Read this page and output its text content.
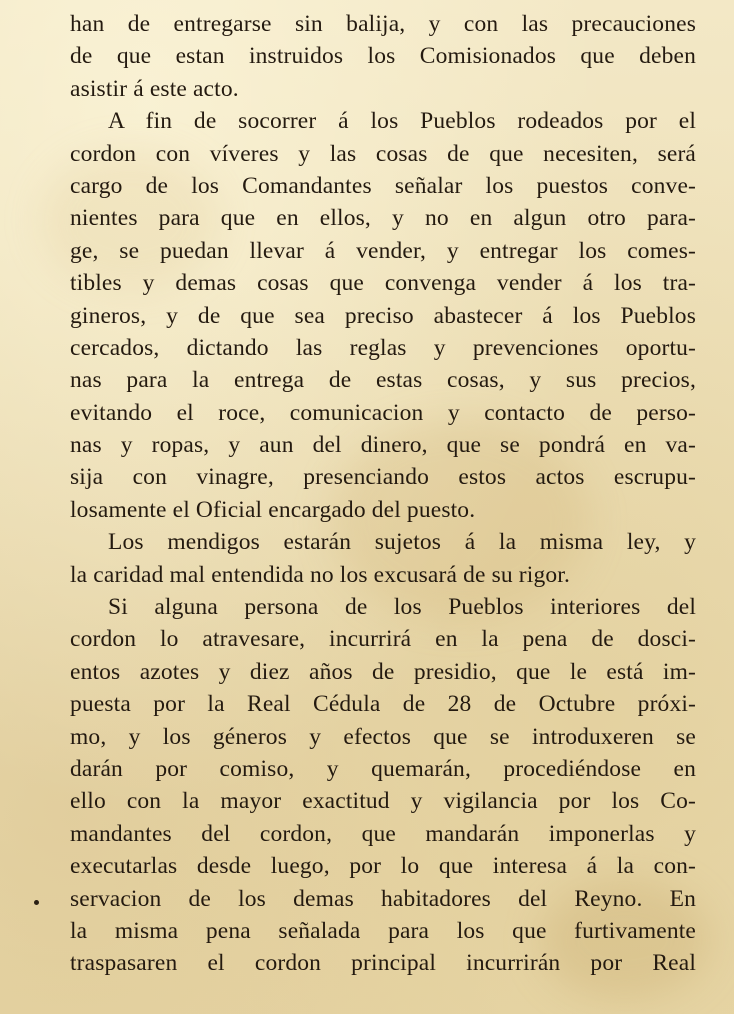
han de entregarse sin balija, y con las precauciones
de que estan instruidos los Comisionados que deben
asistir á este acto.
A fin de socorrer á los Pueblos rodeados por el
cordon con víveres y las cosas de que necesiten, será
cargo de los Comandantes señalar los puestos conve-
nientes para que en ellos, y no en algun otro para-
ge, se puedan llevar á vender, y entregar los comes-
tibles y demas cosas que convenga vender á los tra-
gineros, y de que sea preciso abastecer á los Pueblos
cercados, dictando las reglas y prevenciones oportu-
nas para la entrega de estas cosas, y sus precios,
evitando el roce, comunicacion y contacto de perso-
nas y ropas, y aun del dinero, que se pondrá en va-
sija con vinagre, presenciando estos actos escrupu-
losamente el Oficial encargado del puesto.
Los mendigos estarán sujetos á la misma ley, y
la caridad mal entendida no los excusará de su rigor.
Si alguna persona de los Pueblos interiores del
cordon lo atravesare, incurrirá en la pena de dosci-
entos azotes y diez años de presidio, que le está im-
puesta por la Real Cédula de 28 de Octubre próxi-
mo, y los géneros y efectos que se introduxeren se
darán por comiso, y quemarán, procediéndose en
ello con la mayor exactitud y vigilancia por los Co-
mandantes del cordon, que mandarán imponerlas y
executarlas desde luego, por lo que interesa á la con-
servacion de los demas habitadores del Reyno. En
la misma pena señalada para los que furtivamente
traspasaren el cordon principal incurrirán por Real
